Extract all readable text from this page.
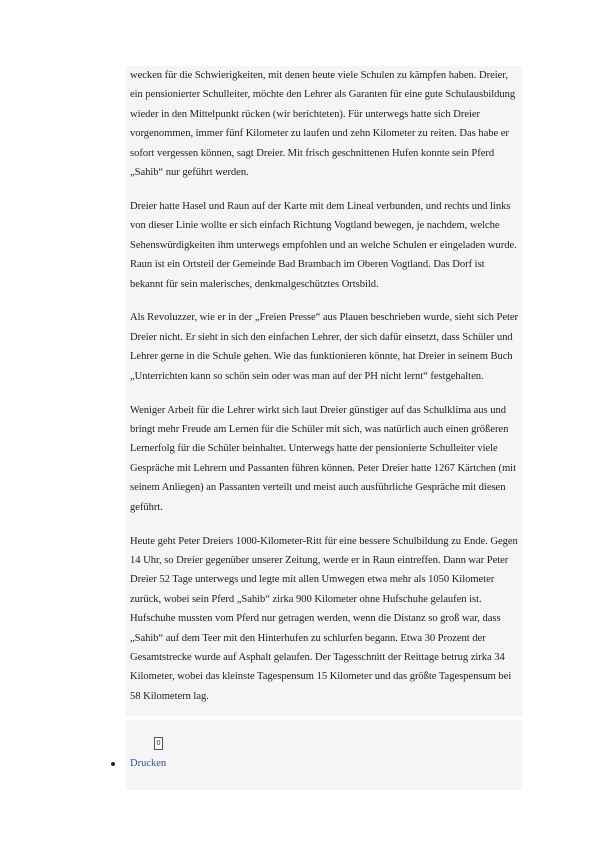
wecken für die Schwierigkeiten, mit denen heute viele Schulen zu kämpfen haben. Dreier, ein pensionierter Schulleiter, möchte den Lehrer als Garanten für eine gute Schulausbildung wieder in den Mittelpunkt rücken (wir berichteten). Für unterwegs hatte sich Dreier vorgenommen, immer fünf Kilometer zu laufen und zehn Kilometer zu reiten. Das habe er sofort vergessen können, sagt Dreier. Mit frisch geschnittenen Hufen konnte sein Pferd „Sahib“ nur geführt werden.

Dreier hatte Hasel und Raun auf der Karte mit dem Lineal verbunden, und rechts und links von dieser Linie wollte er sich einfach Richtung Vogtland bewegen, je nachdem, welche Sehenswürdigkeiten ihm unterwegs empfohlen und an welche Schulen er eingeladen wurde. Raun ist ein Ortsteil der Gemeinde Bad Brambach im Oberen Vogtland. Das Dorf ist bekannt für sein malerisches, denkmalgeschütztes Ortsbild.

Als Revoluzzer, wie er in der „Freien Presse“ aus Plauen beschrieben wurde, sieht sich Peter Dreier nicht. Er sieht in sich den einfachen Lehrer, der sich dafür einsetzt, dass Schüler und Lehrer gerne in die Schule gehen. Wie das funktionieren könnte, hat Dreier in seinem Buch „Unterrichten kann so schön sein oder was man auf der PH nicht lernt“ festgehalten.

Weniger Arbeit für die Lehrer wirkt sich laut Dreier günstiger auf das Schulklima aus und bringt mehr Freude am Lernen für die Schüler mit sich, was natürlich auch einen größeren Lernerfolg für die Schüler beinhaltet. Unterwegs hatte der pensionierte Schulleiter viele Gespräche mit Lehrern und Passanten führen können. Peter Dreier hatte 1267 Kärtchen (mit seinem Anliegen) an Passanten verteilt und meist auch ausführliche Gespräche mit diesen geführt.

Heute geht Peter Dreiers 1000-Kilometer-Ritt für eine bessere Schulbildung zu Ende. Gegen 14 Uhr, so Dreier gegenüber unserer Zeitung, werde er in Raun eintreffen. Dann war Peter Dreier 52 Tage unterwegs und legte mit allen Umwegen etwa mehr als 1050 Kilometer zurück, wobei sein Pferd „Sahib“ zirka 900 Kilometer ohne Hufschuhe gelaufen ist. Hufschuhe mussten vom Pferd nur getragen werden, wenn die Distanz so groß war, dass „Sahib“ auf dem Teer mit den Hinterhufen zu schlurfen begann. Etwa 30 Prozent der Gesamtstrecke wurde auf Asphalt gelaufen. Der Tagesschnitt der Reittage betrug zirka 34 Kilometer, wobei das kleinste Tagespensum 15 Kilometer und das größte Tagespensum bei 58 Kilometern lag.

0
Drucken
